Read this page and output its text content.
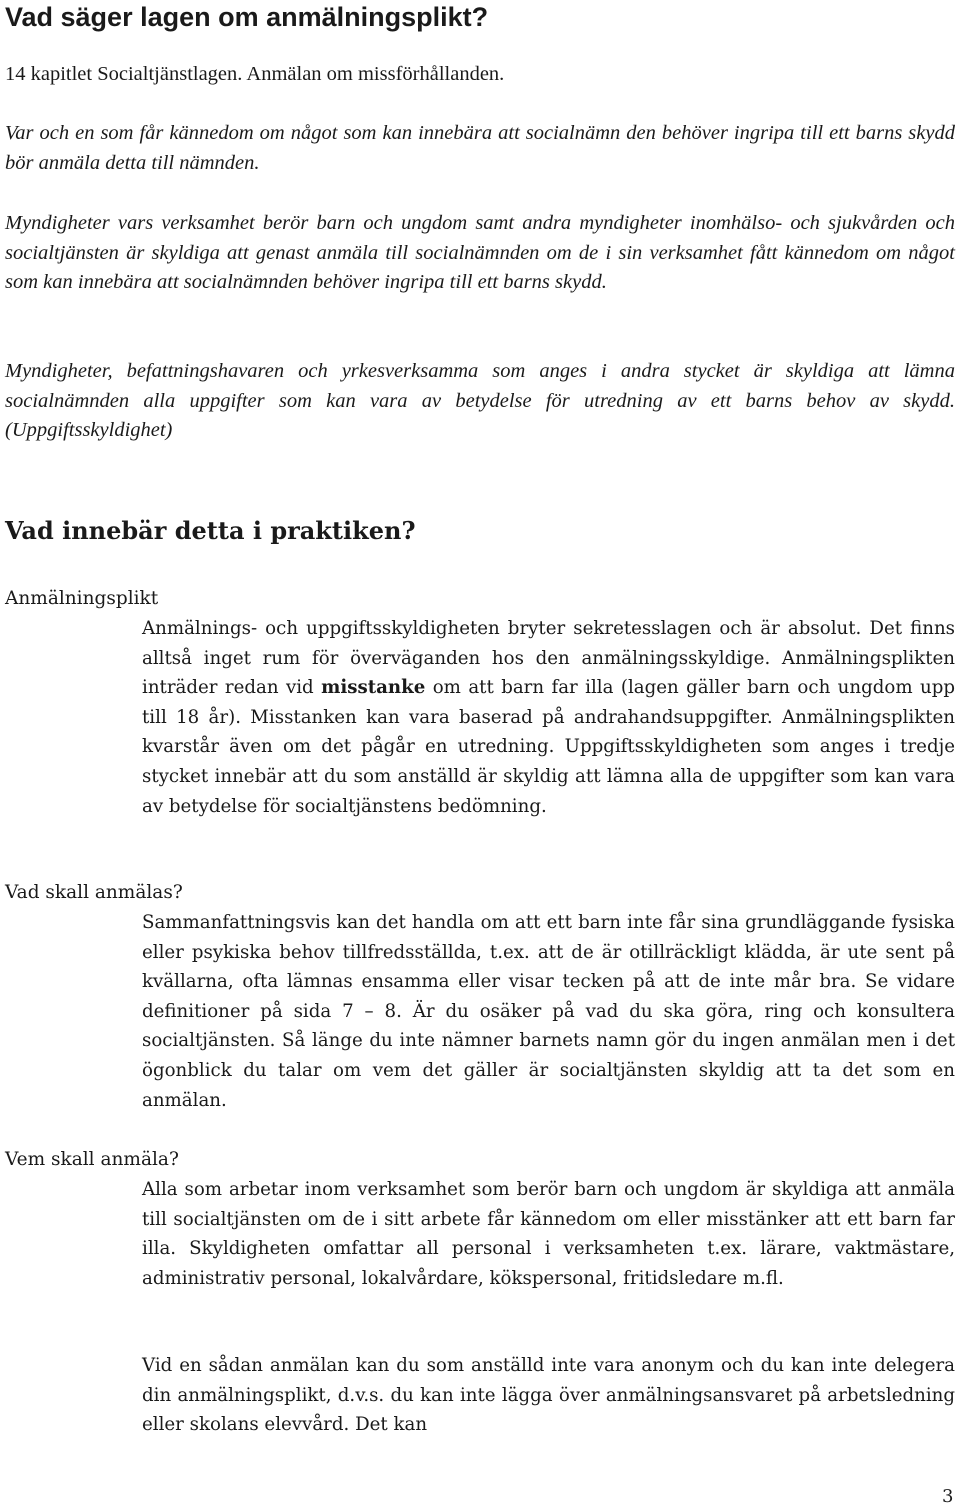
Vad säger lagen om anmälningsplikt?

14 kapitlet Socialtjänstlagen. Anmälan om missförhållanden.

Var och en som får kännedom om något som kan innebära att socialnämn den behöver ingripa till ett barns skydd bör anmäla detta till nämnden.

Myndigheter vars verksamhet berör barn och ungdom samt andra myndigheter inomhälso- och sjukvården och socialtjänsten är skyldiga att genast anmäla till socialnämnden om de i sin verksamhet fått kännedom om något som kan innebära att socialnämnden behöver ingripa till ett barns skydd.

Myndigheter, befattningshavaren och yrkesverksamma som anges i andra stycket är skyldiga att lämna socialnämnden alla uppgifter som kan vara av betydelse för utredning av ett barns behov av skydd. (Uppgiftsskyldighet)

Vad innebär detta i praktiken?
Anmälningsplikt

Anmälnings- och uppgiftsskyldigheten bryter sekretesslagen och är absolut. Det finns alltså inget rum för överväganden hos den anmälningsskyldige. Anmälningsplikten inträder redan vid misstanke om att barn far illa (lagen gäller barn och ungdom upp till 18 år). Misstanken kan vara baserad på andrahandsuppgifter. Anmälningsplikten kvarstår även om det pågår en utredning. Uppgiftsskyldigheten som anges i tredje stycket innebär att du som anställd är skyldig att lämna alla de uppgifter som kan vara av betydelse för socialtjänstens bedömning.

Vad skall anmälas?

Sammanfattningsvis kan det handla om att ett barn inte får sina grundläggande fysiska eller psykiska behov tillfredsställda, t.ex. att de är otillräckligt klädda, är ute sent på kvällarna, ofta lämnas ensamma eller visar tecken på att de inte mår bra. Se vidare definitioner på sida 7 – 8. Är du osäker på vad du ska göra, ring och konsultera socialtjänsten. Så länge du inte nämner barnets namn gör du ingen anmälan men i det ögonblick du talar om vem det gäller är socialtjänsten skyldig att ta det som en anmälan.

Vem skall anmäla?

Alla som arbetar inom verksamhet som berör barn och ungdom är skyldiga att anmäla till socialtjänsten om de i sitt arbete får kännedom om eller misstänker att ett barn far illa. Skyldigheten omfattar all personal i verksamheten t.ex. lärare, vaktmästare, administrativ personal, lokalvårdare, kökspersonal, fritidsledare m.fl.

Vid en sådan anmälan kan du som anställd inte vara anonym och du kan inte delegera din anmälningsplikt, d.v.s. du kan inte lägga över anmälningsansvaret på arbetsledning eller skolans elevvård. Det kan

3
